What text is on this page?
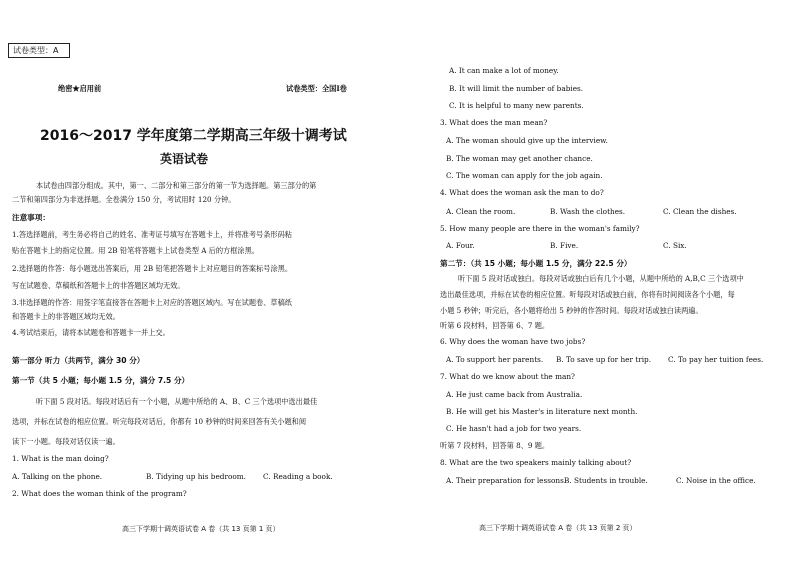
试卷类型：A
绝密★启用前	试卷类型：全国Ⅰ卷
2016～2017 学年度第二学期高三年级十调考试
英语试卷
本试卷由四部分组成。其中，第一、二部分和第三部分的第一节为选择题。第三部分的第
二节和第四部分为非选择题。全卷满分 150 分，考试用时 120 分钟。
注意事项：
1.答选择题前，考生务必将自己的姓名、准考证号填写在答题卡上，并将准考号条形码粘
贴在答题卡上的指定位置。用 2B 铅笔将答题卡上试卷类型 A 后的方框涂黑。
2.选择题的作答：每小题选出答案后，用 2B 铅笔把答题卡上对应题目的答案标号涂黑。
写在试题卷、草稿纸和答题卡上的非答题区域均无效。
3.非选择题的作答：用签字笔直接答在答题卡上对应的答题区域内。写在试题卷、草稿纸
和答题卡上的非答题区域均无效。
4.考试结束后，请将本试题卷和答题卡一并上交。
第一部分 听力（共两节，满分 30 分）
第一节（共 5 小题；每小题 1.5 分，满分 7.5 分）
听下面 5 段对话。每段对话后有一个小题，从题中所给的 A、B、C 三个选项中选出最佳
选项，并标在试卷的相应位置。听完每段对话后，你都有 10 秒钟的时间来回答有关小题和阅
读下一小题。每段对话仅读一遍。
1. What is the man doing?
A. Talking on the phone.	B. Tidying up his bedroom. C. Reading a book.
2. What does the woman think of the program?
高三下学期十调英语试卷 A 卷（共 13 页第 1 页）
A. It can make a lot of money.
B. It will limit the number of babies.
C. It is helpful to many new parents.
3. What does the man mean?
A. The woman should give up the interview.
B. The woman may get another chance.
C. The woman can apply for the job again.
4. What does the woman ask the man to do?
A. Clean the room.	B. Wash the clothes.	C. Clean the dishes.
5. How many people are there in the woman's family?
A. Four.	B. Five.	C. Six.
第二节：（共 15 小题；每小题 1.5 分，满分 22.5 分）
听下面 5 段对话或独白。每段对话或独白后有几个小题，从题中所给的 A,B,C 三个选项中
选出最佳选项，并标在试卷的相应位置。听每段对话或独白前，你将有时间阅读各个小题，每
小题 5 秒钟；听完后，各小题将给出 5 秒钟的作答时间。每段对话或独白读两遍。
听第 6 段材料，回答第 6、7 题。
6. Why does the woman have two jobs?
A. To support her parents. B. To save up for her trip. C. To pay her tuition fees.
7. What do we know about the man?
A. He just came back from Australia.
B. He will get his Master's in literature next month.
C. He hasn't had a job for two years.
听第 7 段材料，回答第 8、9 题。
8. What are the two speakers mainly talking about?
A. Their preparation for lessons.
B. Students in trouble.	C. Noise in the office.
高三下学期十调英语试卷 A 卷（共 13 页第 2 页）
